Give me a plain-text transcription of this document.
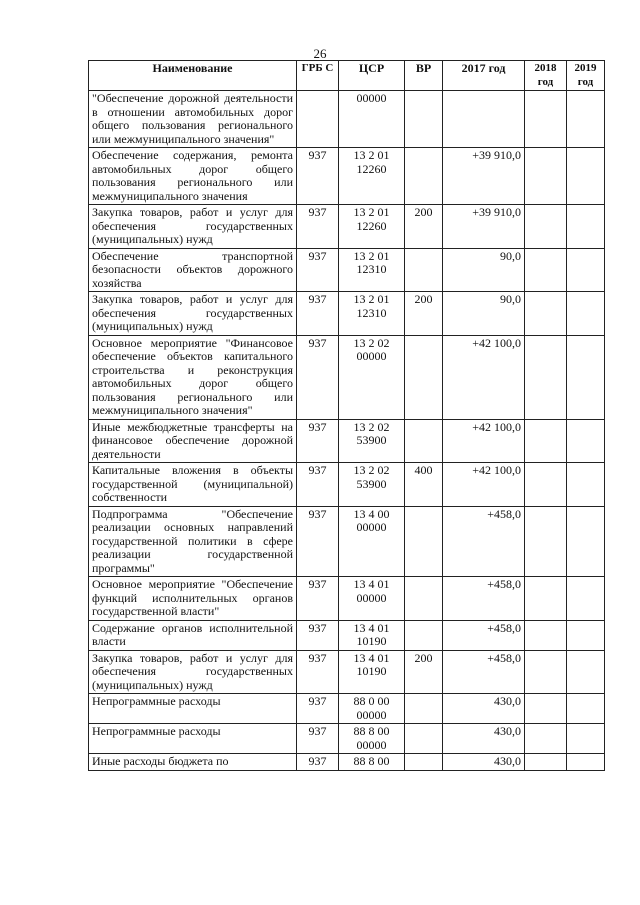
26
Наименование	ГРБ С	ЦСР	ВР	2017 год	2018 год	2019 год
"Обеспечение дорожной деятельности в отношении автомобильных дорог общего пользования регионального или межмуниципального значения"		00000				
Обеспечение содержания, ремонта автомобильных дорог общего пользования регионального или межмуниципального значения	937	13 2 01 12260		+39 910,0		
Закупка товаров, работ и услуг для обеспечения государственных (муниципальных) нужд	937	13 2 01 12260	200	+39 910,0		
Обеспечение транспортной безопасности объектов дорожного хозяйства	937	13 2 01 12310		90,0		
Закупка товаров, работ и услуг для обеспечения государственных (муниципальных) нужд	937	13 2 01 12310	200	90,0		
Основное мероприятие "Финансовое обеспечение объектов капитального строительства и реконструкция автомобильных дорог общего пользования регионального или межмуниципального значения"	937	13 2 02 00000		+42 100,0		
Иные межбюджетные трансферты на финансовое обеспечение дорожной деятельности	937	13 2 02 53900		+42 100,0		
Капитальные вложения в объекты государственной (муниципальной) собственности	937	13 2 02 53900	400	+42 100,0		
Подпрограмма "Обеспечение реализации основных направлений государственной политики в сфере реализации государственной программы"	937	13 4 00 00000		+458,0		
Основное мероприятие "Обеспечение функций исполнительных органов государственной власти"	937	13 4 01 00000		+458,0		
Содержание органов исполнительной власти	937	13 4 01 10190		+458,0		
Закупка товаров, работ и услуг для обеспечения государственных (муниципальных) нужд	937	13 4 01 10190	200	+458,0		
Непрограммные расходы	937	88 0 00 00000		430,0		
Непрограммные расходы	937	88 8 00 00000		430,0		
Иные расходы бюджета по	937	88 8 00		430,0		
